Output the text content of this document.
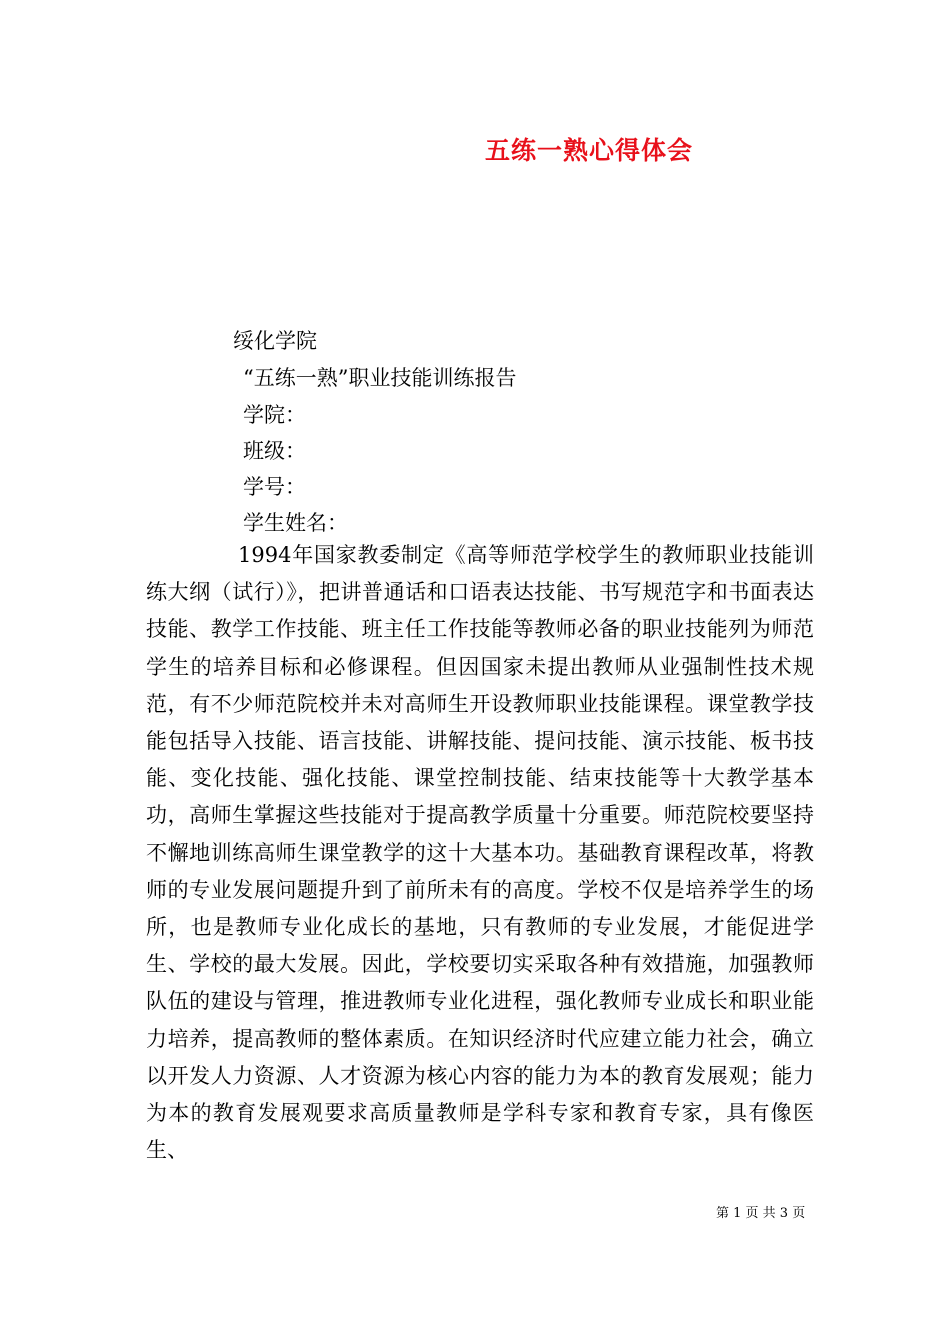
五练一熟心得体会
绥化学院
“五练一熟”职业技能训练报告
学院：
班级：
学号：
学生姓名：

1994年国家教委制定《高等师范学校学生的教师职业技能训练大纲（试行）》，把讲普通话和口语表达技能、书写规范字和书面表达技能、教学工作技能、班主任工作技能等教师必备的职业技能列为师范学生的培养目标和必修课程。但因国家未提出教师从业强制性技术规范，有不少师范院校并未对高师生开设教师职业技能课程。课堂教学技能包括导入技能、语言技能、讲解技能、提问技能、演示技能、板书技能、变化技能、强化技能、课堂控制技能、结束技能等十大教学基本功，高师生掌握这些技能对于提高教学质量十分重要。师范院校要坚持不懈地训练高师生课堂教学的这十大基本功。基础教育课程改革，将教师的专业发展问题提升到了前所未有的高度。学校不仅是培养学生的场所，也是教师专业化成长的基地，只有教师的专业发展，才能促进学生、学校的最大发展。因此，学校要切实采取各种有效措施，加强教师队伍的建设与管理，推进教师专业化进程，强化教师专业成长和职业能力培养，提高教师的整体素质。在知识经济时代应建立能力社会，确立以开发人力资源、人才资源为核心内容的能力为本的教育发展观；能力为本的教育发展观要求高质量教师是学科专家和教育专家，具有像医生、

第 1 页 共 3 页
